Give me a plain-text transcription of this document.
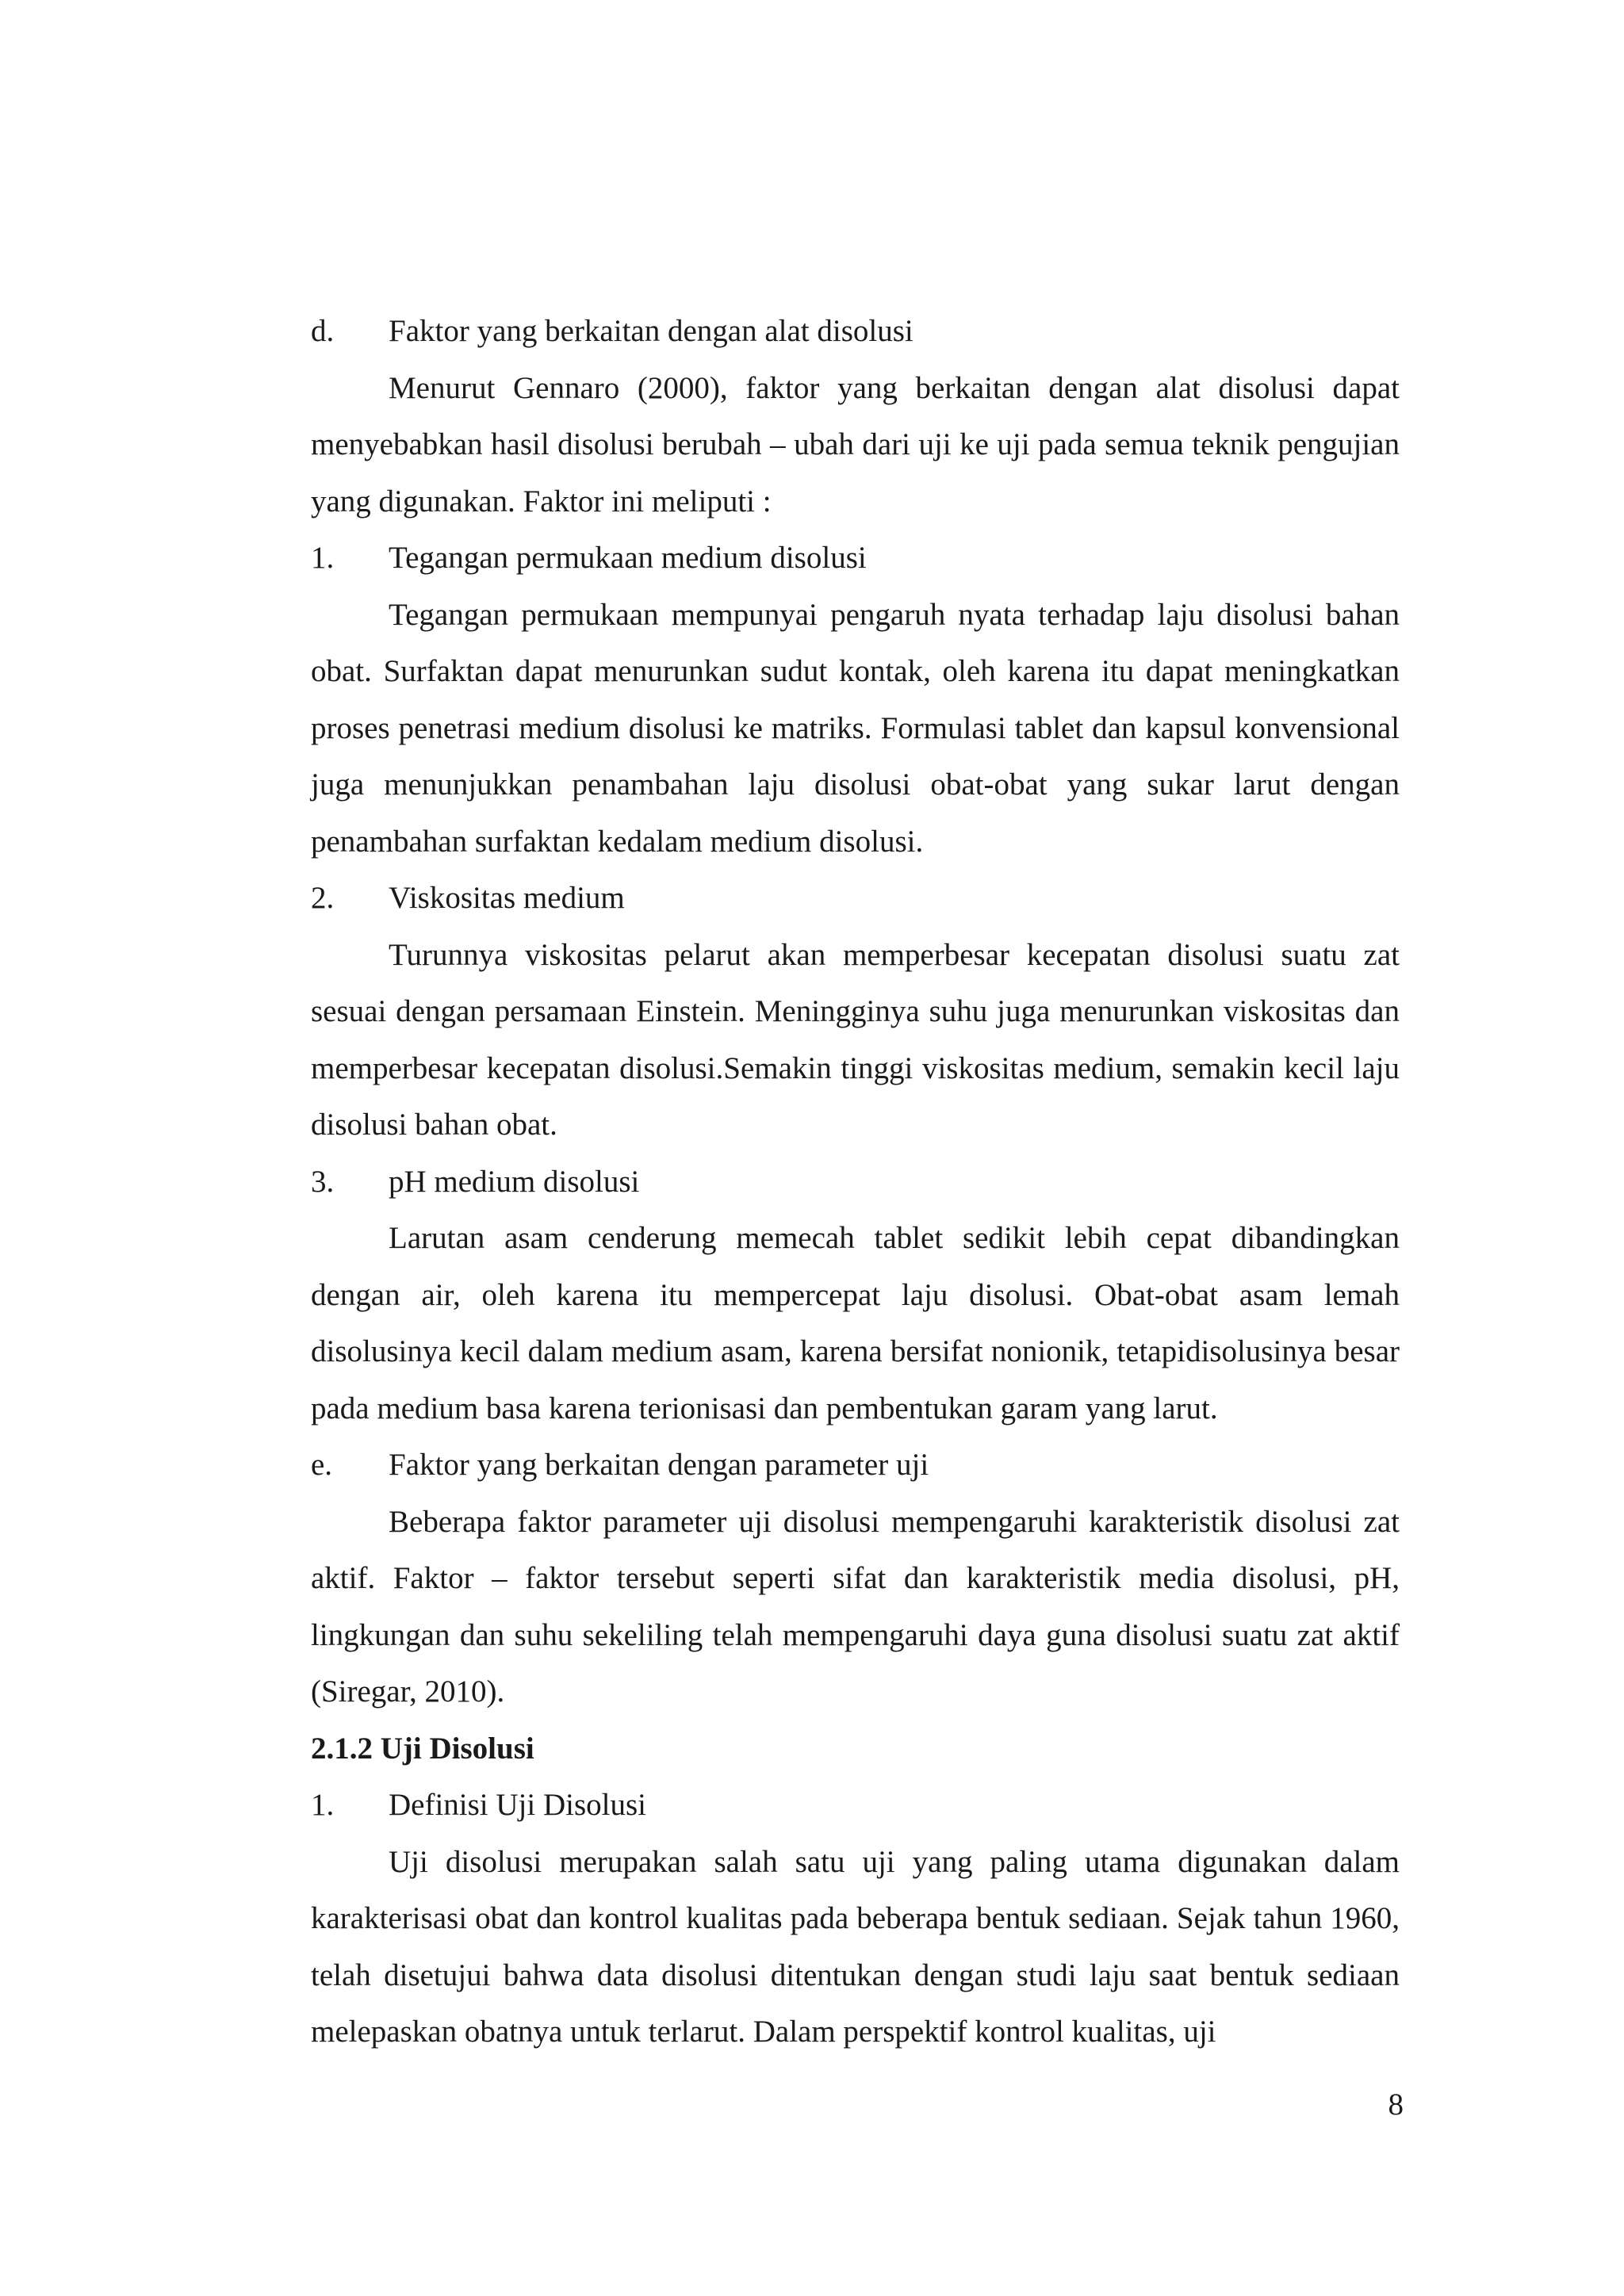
d.	Faktor yang berkaitan dengan alat disolusi

Menurut Gennaro (2000), faktor yang berkaitan dengan alat disolusi dapat menyebabkan hasil disolusi berubah – ubah dari uji ke uji pada semua teknik pengujian yang digunakan. Faktor ini meliputi :

1.	Tegangan permukaan medium disolusi

Tegangan permukaan mempunyai pengaruh nyata terhadap laju disolusi bahan obat. Surfaktan dapat menurunkan sudut kontak, oleh karena itu dapat meningkatkan proses penetrasi medium disolusi ke matriks. Formulasi tablet dan kapsul konvensional juga menunjukkan penambahan laju disolusi obat-obat yang sukar larut dengan penambahan surfaktan kedalam medium disolusi.

2.	Viskositas medium

Turunnya viskositas pelarut akan memperbesar kecepatan disolusi suatu zat sesuai dengan persamaan Einstein. Meningginya suhu juga menurunkan viskositas dan memperbesar kecepatan disolusi.Semakin tinggi viskositas medium, semakin kecil laju disolusi bahan obat.

3.	pH medium disolusi

Larutan asam cenderung memecah tablet sedikit lebih cepat dibandingkan dengan air, oleh karena itu mempercepat laju disolusi. Obat-obat asam lemah disolusinya kecil dalam medium asam, karena bersifat nonionik, tetapidisolusinya besar pada medium basa karena terionisasi dan pembentukan garam yang larut.

e.	Faktor yang berkaitan dengan parameter uji

Beberapa faktor parameter uji disolusi mempengaruhi karakteristik disolusi zat aktif. Faktor – faktor tersebut seperti sifat dan karakteristik media disolusi, pH, lingkungan dan suhu sekeliling telah mempengaruhi daya guna disolusi suatu zat aktif (Siregar, 2010).

2.1.2 Uji Disolusi
1.	Definisi Uji Disolusi

Uji disolusi merupakan salah satu uji yang paling utama digunakan dalam karakterisasi obat dan kontrol kualitas pada beberapa bentuk sediaan. Sejak tahun 1960, telah disetujui bahwa data disolusi ditentukan dengan studi laju saat bentuk sediaan melepaskan obatnya untuk terlarut. Dalam perspektif kontrol kualitas, uji

8
